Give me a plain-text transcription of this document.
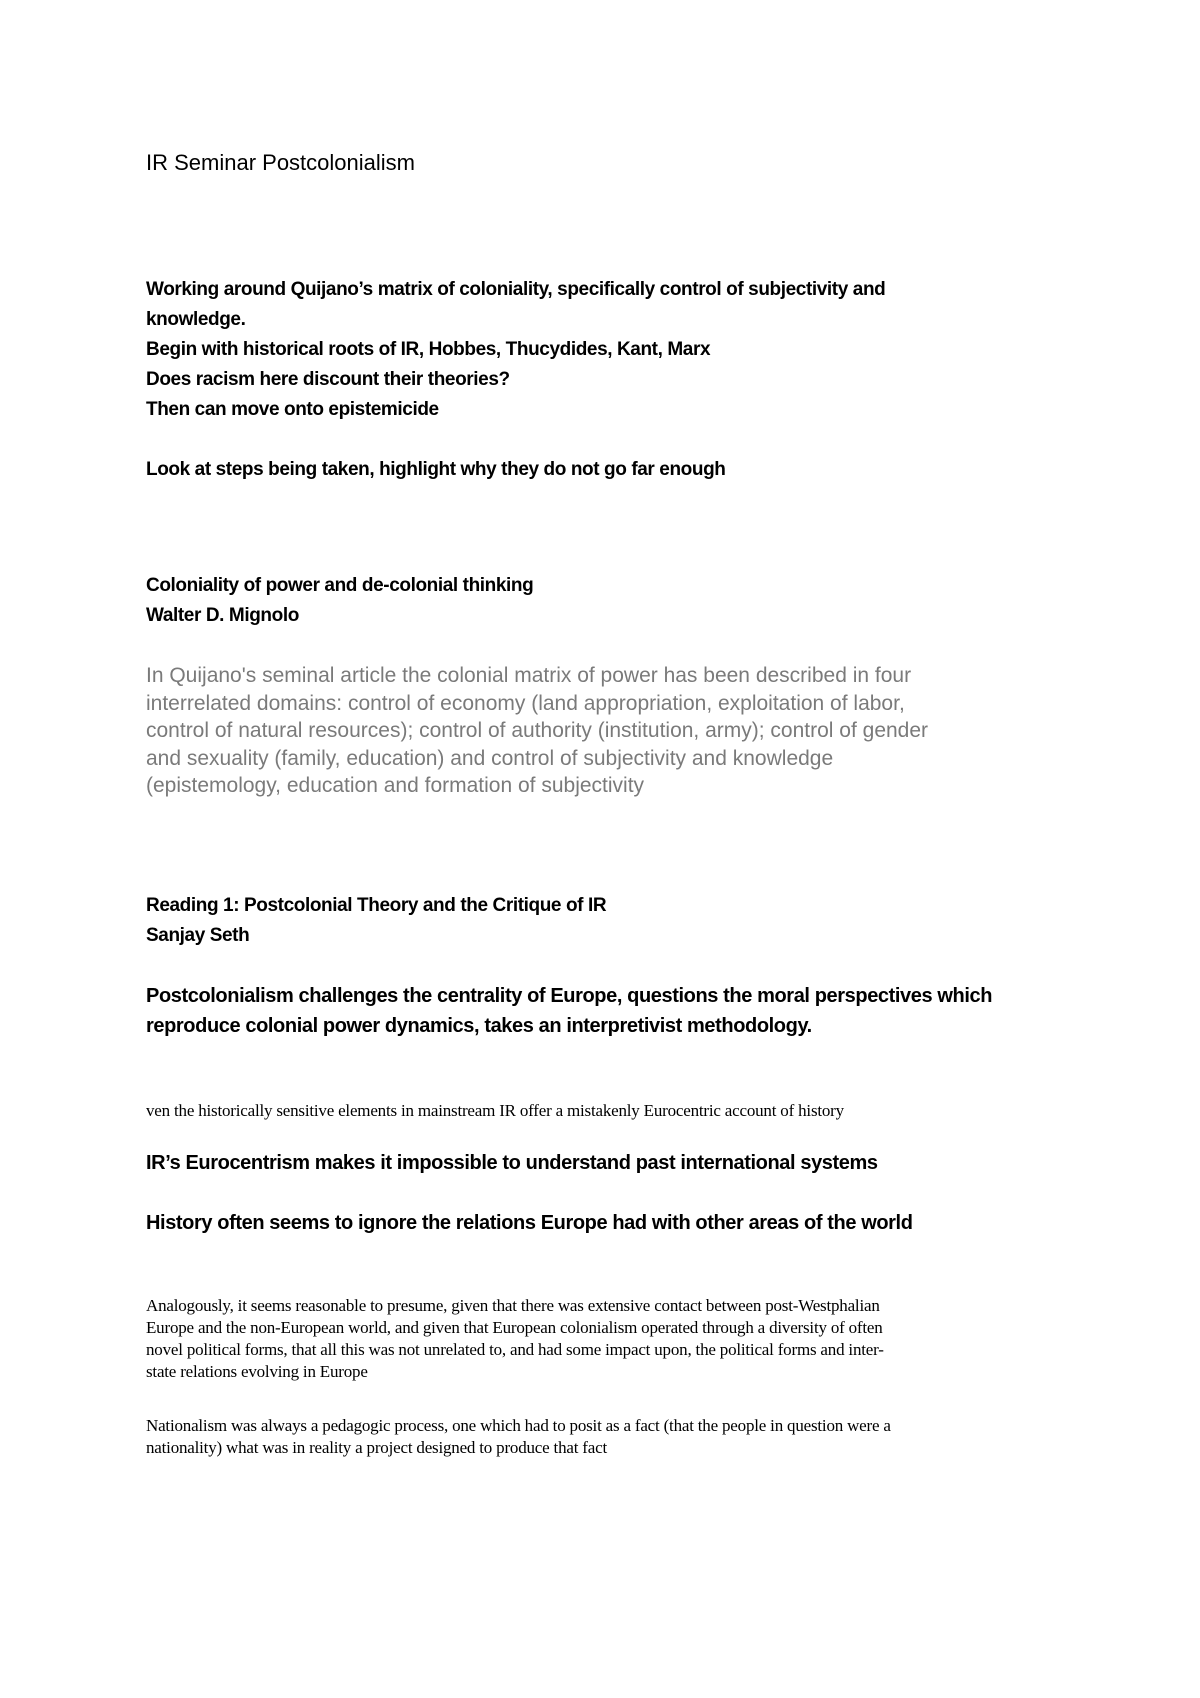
IR Seminar Postcolonialism
Working around Quijano’s matrix of coloniality, specifically control of subjectivity and
knowledge.
Begin with historical roots of IR, Hobbes, Thucydides, Kant, Marx
Does racism here discount their theories?
Then can move onto epistemicide

Look at steps being taken, highlight why they do not go far enough

Coloniality of power and de-colonial thinking
Walter D. Mignolo
In Quijano's seminal article the colonial matrix of power has been described in four
interrelated domains: control of economy (land appropriation, exploitation of labor,
control of natural resources); control of authority (institution, army); control of gender
and sexuality (family, education) and control of subjectivity and knowledge
(epistemology, education and formation of subjectivity
Reading 1: Postcolonial Theory and the Critique of IR
Sanjay Seth
Postcolonialism challenges the centrality of Europe, questions the moral perspectives which
reproduce colonial power dynamics, takes an interpretivist methodology.

ven the historically sensitive elements in mainstream IR offer a mistakenly Eurocentric account of history

IR’s Eurocentrism makes it impossible to understand past international systems

History often seems to ignore the relations Europe had with other areas of the world

Analogously, it seems reasonable to presume, given that there was extensive contact between post-Westphalian
Europe and the non-European world, and given that European colonialism operated through a diversity of often
novel political forms, that all this was not unrelated to, and had some impact upon, the political forms and inter-
state relations evolving in Europe
Nationalism was always a pedagogic process, one which had to posit as a fact (that the people in question were a
nationality) what was in reality a project designed to produce that fact
